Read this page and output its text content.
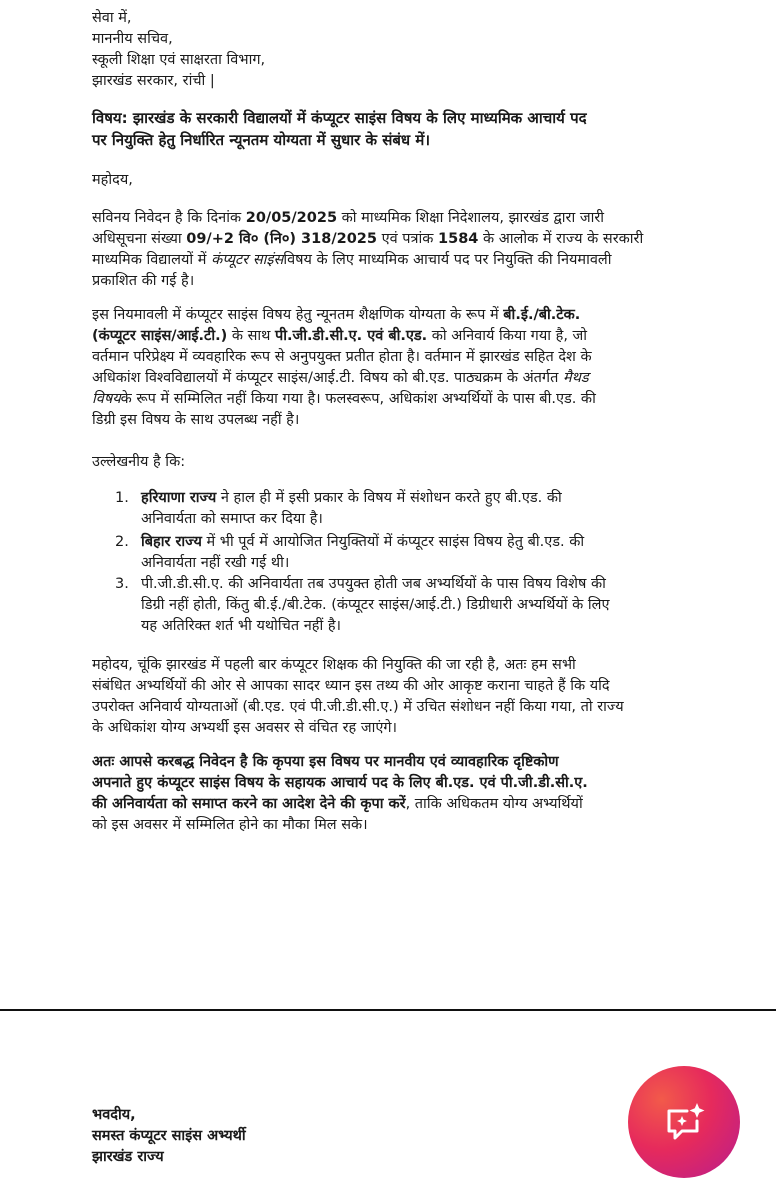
सेवा में,
माननीय सचिव,
स्कूली शिक्षा एवं साक्षरता विभाग,
झारखंड सरकार, रांची |
विषय: झारखंड के सरकारी विद्यालयों में कंप्यूटर साइंस विषय के लिए माध्यमिक आचार्य पद
पर नियुक्ति हेतु निर्धारित न्यूनतम योग्यता में सुधार के संबंध में।
महोदय,
सविनय निवेदन है कि दिनांक 20/05/2025 को माध्यमिक शिक्षा निदेशालय, झारखंड द्वारा जारी
अधिसूचना संख्या 09/+2 वि० (नि०) 318/2025 एवं पत्रांक 1584 के आलोक में राज्य के सरकारी
माध्यमिक विद्यालयों में कंप्यूटर साइंसविषय के लिए माध्यमिक आचार्य पद पर नियुक्ति की नियमावली
प्रकाशित की गई है।
इस नियमावली में कंप्यूटर साइंस विषय हेतु न्यूनतम शैक्षणिक योग्यता के रूप में बी.ई./बी.टेक.
(कंप्यूटर साइंस/आई.टी.) के साथ पी.जी.डी.सी.ए. एवं बी.एड. को अनिवार्य किया गया है, जो
वर्तमान परिप्रेक्ष्य में व्यवहारिक रूप से अनुपयुक्त प्रतीत होता है। वर्तमान में झारखंड सहित देश के
अधिकांश विश्वविद्यालयों में कंप्यूटर साइंस/आई.टी. विषय को बी.एड. पाठ्यक्रम के अंतर्गत मैथड
विषयके रूप में सम्मिलित नहीं किया गया है। फलस्वरूप, अधिकांश अभ्यर्थियों के पास बी.एड. की
डिग्री इस विषय के साथ उपलब्ध नहीं है।
उल्लेखनीय है कि:
1. हरियाणा राज्य ने हाल ही में इसी प्रकार के विषय में संशोधन करते हुए बी.एड. की
अनिवार्यता को समाप्त कर दिया है।
2. बिहार राज्य में भी पूर्व में आयोजित नियुक्तियों में कंप्यूटर साइंस विषय हेतु बी.एड. की
अनिवार्यता नहीं रखी गई थी।
3. पी.जी.डी.सी.ए. की अनिवार्यता तब उपयुक्त होती जब अभ्यर्थियों के पास विषय विशेष की
डिग्री नहीं होती, किंतु बी.ई./बी.टेक. (कंप्यूटर साइंस/आई.टी.) डिग्रीधारी अभ्यर्थियों के लिए
यह अतिरिक्त शर्त भी यथोचित नहीं है।
महोदय, चूंकि झारखंड में पहली बार कंप्यूटर शिक्षक की नियुक्ति की जा रही है, अतः हम सभी
संबंधित अभ्यर्थियों की ओर से आपका सादर ध्यान इस तथ्य की ओर आकृष्ट कराना चाहते हैं कि यदि
उपरोक्त अनिवार्य योग्यताओं (बी.एड. एवं पी.जी.डी.सी.ए.) में उचित संशोधन नहीं किया गया, तो राज्य
के अधिकांश योग्य अभ्यर्थी इस अवसर से वंचित रह जाएंगे।
अतः आपसे करबद्ध निवेदन है कि कृपया इस विषय पर मानवीय एवं व्यावहारिक दृष्टिकोण
अपनाते हुए कंप्यूटर साइंस विषय के सहायक आचार्य पद के लिए बी.एड. एवं पी.जी.डी.सी.ए.
की अनिवार्यता को समाप्त करने का आदेश देने की कृपा करें, ताकि अधिकतम योग्य अभ्यर्थियों
को इस अवसर में सम्मिलित होने का मौका मिल सके।
भवदीय,
समस्त कंप्यूटर साइंस अभ्यर्थी
झारखंड राज्य
